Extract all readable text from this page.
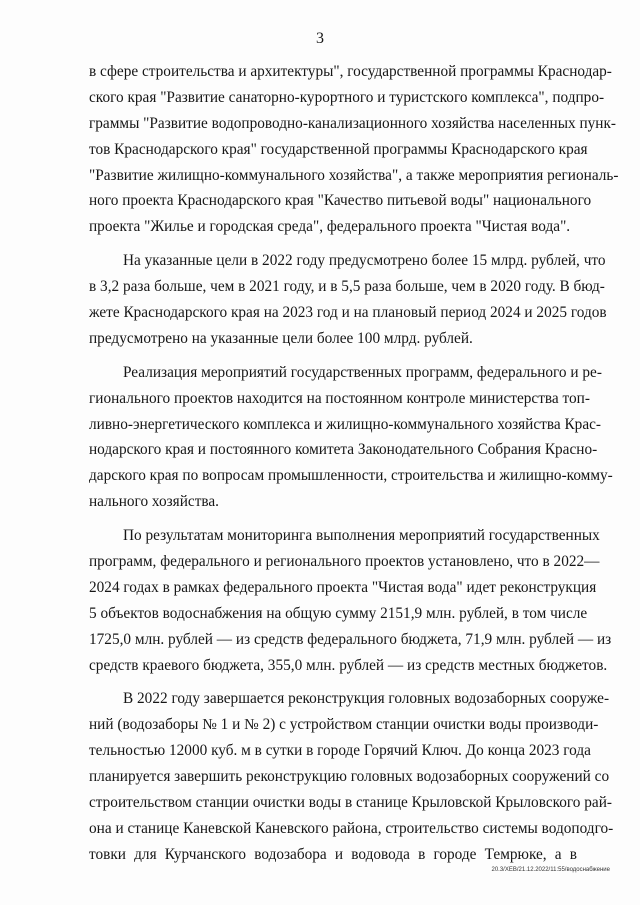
3
в сфере строительства и архитектуры", государственной программы Краснодар-
ского края "Развитие санаторно-курортного и туристского комплекса", подпро-
граммы "Развитие водопроводно-канализационного хозяйства населенных пунк-
тов Краснодарского края" государственной программы Краснодарского края
"Развитие жилищно-коммунального хозяйства", а также мероприятия региональ-
ного проекта Краснодарского края "Качество питьевой воды" национального
проекта "Жилье и городская среда", федерального проекта "Чистая вода".
На указанные цели в 2022 году предусмотрено более 15 млрд. рублей, что
в 3,2 раза больше, чем в 2021 году, и в 5,5 раза больше, чем в 2020 году. В бюд-
жете Краснодарского края на 2023 год и на плановый период 2024 и 2025 годов
предусмотрено на указанные цели более 100 млрд. рублей.
Реализация мероприятий государственных программ, федерального и ре-
гионального проектов находится на постоянном контроле министерства топ-
ливно-энергетического комплекса и жилищно-коммунального хозяйства Крас-
нодарского края и постоянного комитета Законодательного Собрания Красно-
дарского края по вопросам промышленности, строительства и жилищно-комму-
нального хозяйства.
По результатам мониторинга выполнения мероприятий государственных
программ, федерального и регионального проектов установлено, что в 2022—
2024 годах в рамках федерального проекта "Чистая вода" идет реконструкция
5 объектов водоснабжения на общую сумму 2151,9 млн. рублей, в том числе
1725,0 млн. рублей — из средств федерального бюджета, 71,9 млн. рублей — из
средств краевого бюджета, 355,0 млн. рублей — из средств местных бюджетов.
В 2022 году завершается реконструкция головных водозаборных сооруже-
ний (водозаборы № 1 и № 2) с устройством станции очистки воды производи-
тельностью 12000 куб. м в сутки в городе Горячий Ключ. До конца 2023 года
планируется завершить реконструкцию головных водозаборных сооружений со
строительством станции очистки воды в станице Крыловской Крыловского рай-
она и станице Каневской Каневского района, строительство системы водоподго-
товки для Курчанского водозабора и водовода в городе Темрюке, а в
20.3/ХЕВ/21.12.2022/11:55/водоснабжение
